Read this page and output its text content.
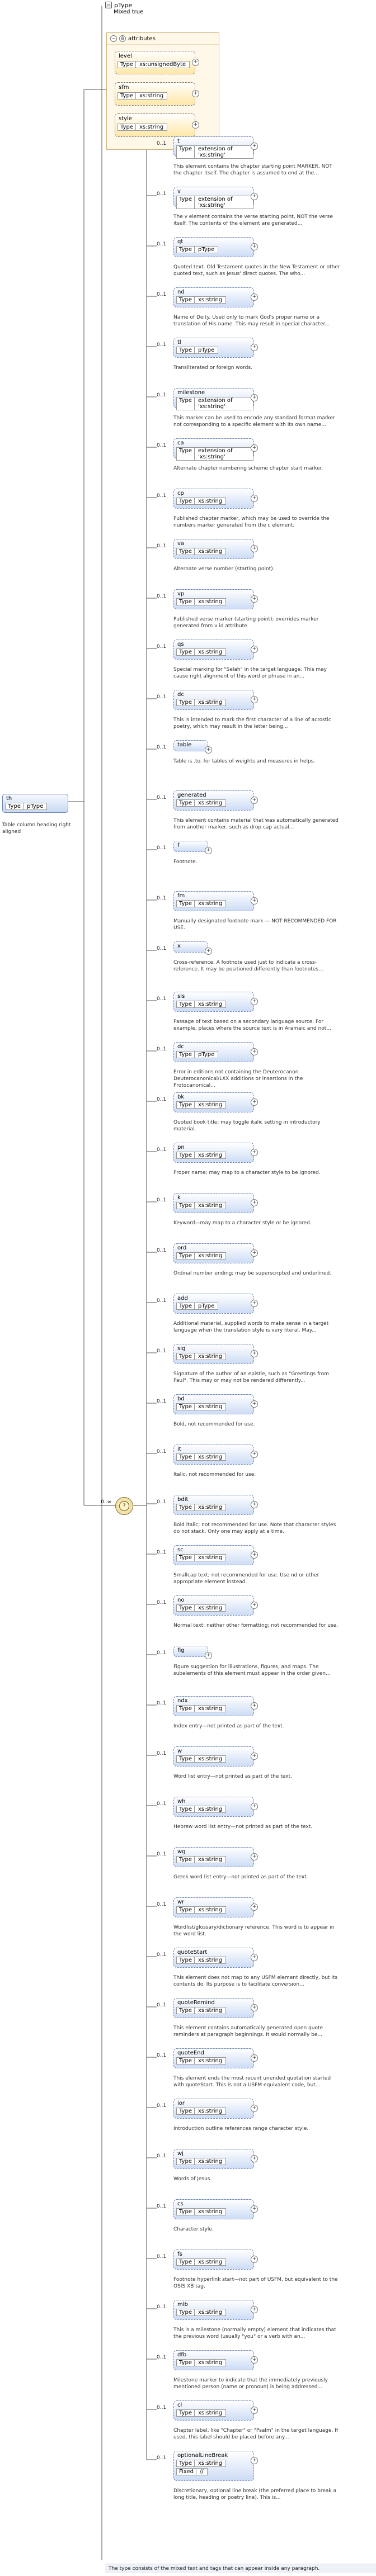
▭ pType
Mixed true
−	@ attributes
level
Type	xs:unsignedByte	+
sfm
Type	xs:string	+
style
Type	xs:string	+
th
Type	pType
Table column heading right aligned
0..∞
?
0..1	t
Type	extension of 'xs:string'
+
This element contains the chapter starting point MARKER, NOT the chapter itself. The chapter is assumed to end at the...
0..1	v
Type	extension of 'xs:string'
+
The v element contains the verse starting point, NOT the verse itself. The contents of the element are generated...
0..1	qt
Type	pType	+
Quoted text. Old Testament quotes in the New Testament or other quoted text, such as Jesus' direct quotes. The who...
0..1	nd
Type	xs:string	+
Name of Deity. Used only to mark God's proper name or a translation of His name. This may result in special character...
0..1	tl
Type	pType	+
Transliterated or foreign words.
0..1	milestone
Type	extension of 'xs:string'
+
This marker can be used to encode any standard format marker not corresponding to a specific element with its own name...
0..1	ca
Type	extension of 'xs:string'
+
Alternate chapter numbering scheme chapter start marker.
0..1	cp
Type	xs:string	+
Published chapter marker, which may be used to override the numbers marker generated from the c element.
0..1	va
Type	xs:string	+
Alternate verse number (starting point).
0..1	vp
Type	xs:string	+
Published verse marker (starting point); overrides marker generated from v id attribute.
0..1	qs
Type	xs:string	+
Special marking for "Selah" in the target language. This may cause right alignment of this word or phrase in an...
0..1	dc
Type	xs:string	+
This is intended to mark the first character of a line of acrostic poetry, which may result in the letter being...
0..1	table
+
Table is .to. for tables of weights and measures in helps.
0..1	generated
Type	xs:string	+
This element contains material that was automatically generated from another marker, such as drop cap actual...
0..1	f
+
Footnote.
0..1	fm
Type	xs:string	+
Manually designated footnote mark — NOT RECOMMENDED FOR USE.
0..1	x
+
Cross-reference. A footnote used just to indicate a cross-reference. It may be positioned differently than footnotes...
0..1	sls
Type	xs:string	+
Passage of text based on a secondary language source. For example, places where the source text is in Aramaic and not...
0..1	dc
Type	pType	+
Error in editions not containing the Deuterocanon. Deuterocanonical/LXX additions or insertions in the Protocanonical...
0..1	bk
Type	xs:string	+
Quoted book title; may toggle italic setting in introductory material.
0..1	pn
Type	xs:string	+
Proper name; may map to a character style to be ignored.
0..1	k
Type	xs:string	+
Keyword—may map to a character style or be ignored.
0..1	ord
Type	xs:string	+
Ordinal number ending; may be superscripted and underlined.
0..1	add
Type	pType	+
Additional material, supplied words to make sense in a target language when the translation style is very literal. May...
0..1	sig
Type	xs:string	+
Signature of the author of an epistle, such as "Greetings from Paul". This may or may not be rendered differently...
0..1	bd
Type	xs:string	+
Bold, not recommended for use.
0..1	it
Type	xs:string	+
Italic, not recommended for use.
0..1	bdit
Type	xs:string	+
Bold italic; not recommended for use. Note that character styles do not stack. Only one may apply at a time.
0..1	sc
Type	xs:string	+
Smallcap text; not recommended for use. Use nd or other appropriate element instead.
0..1	no
Type	xs:string	+
Normal text: neither other formatting; not recommended for use.
0..1	fig
+
Figure suggestion for illustrations, figures, and maps. The subelements of this element must appear in the order given...
0..1	ndx
Type	xs:string	+
Index entry—not printed as part of the text.
0..1	w
Type	xs:string	+
Word list entry—not printed as part of the text.
0..1	wh
Type	xs:string	+
Hebrew word list entry—not printed as part of the text.
0..1	wg
Type	xs:string	+
Greek word list entry—not printed as part of the text.
0..1	wr
Type	xs:string	+
Wordlist/glossary/dictionary reference. This word is to appear in the word list.
0..1	quoteStart
Type	xs:string	+
This element does not map to any USFM element directly, but its contents do. Its purpose is to facilitate conversion...
0..1	quoteRemind
Type	xs:string	+
This element contains automatically generated open quote reminders at paragraph beginnings. It would normally be...
0..1	quoteEnd
Type	xs:string	+
This element ends the most recent unended quotation started with quoteStart. This is not a USFM equivalent code, but...
0..1	ior
Type	xs:string	+
Introduction outline references range character style.
0..1	wj
Type	xs:string	+
Words of Jesus.
0..1	cs
Type	xs:string	+
Character style.
0..1	fs
Type	xs:string	+
Footnote hyperlink start—not part of USFM, but equivalent to the OSIS XB tag.
0..1	mlb
Type	xs:string	+
This is a milestone (normally empty) element that indicates that the previous word (usually "you" or a verb with an...
0..1	dfb
Type	xs:string	+
Milestone marker to indicate that the immediately previously mentioned person (name or pronoun) is being addressed...
0..1	cl
Type	xs:string	+
Chapter label, like "Chapter" or "Psalm" in the target language. If used, this label should be placed before any...
0..1	optionalLineBreak
Type	xs:string
Fixed	//
+
Discretionary, optional line break (the preferred place to break a long title, heading or poetry line). This is...
The type consists of the mixed text and tags that can appear inside any paragraph.
